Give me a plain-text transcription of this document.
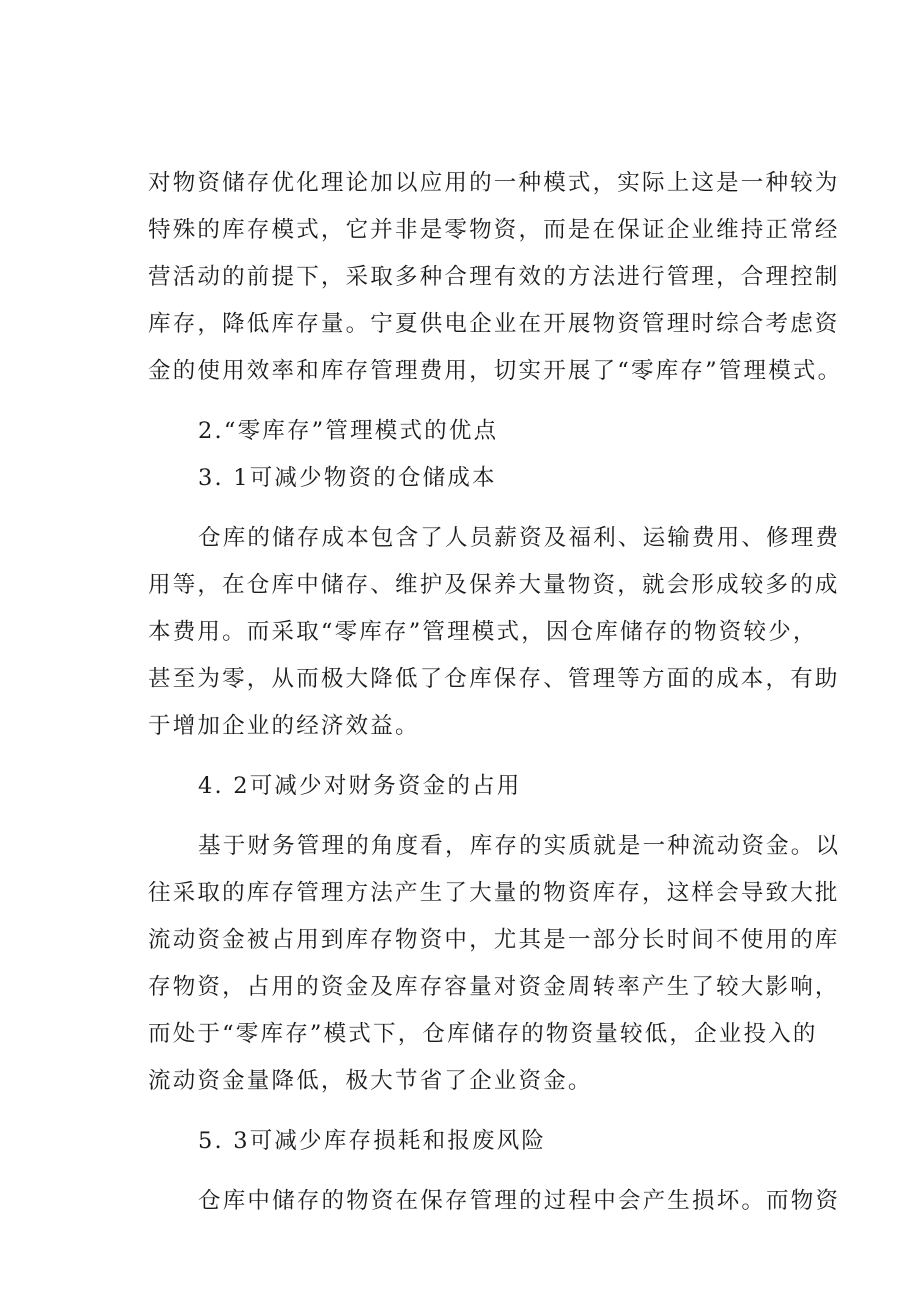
对物资储存优化理论加以应用的一种模式，实际上这是一种较为
特殊的库存模式，它并非是零物资，而是在保证企业维持正常经
营活动的前提下，采取多种合理有效的方法进行管理，合理控制
库存，降低库存量。宁夏供电企业在开展物资管理时综合考虑资
金的使用效率和库存管理费用，切实开展了“零库存”管理模式。
2.“零库存”管理模式的优点
3. 1可减少物资的仓储成本
仓库的储存成本包含了人员薪资及福利、运输费用、修理费
用等，在仓库中储存、维护及保养大量物资，就会形成较多的成
本费用。而采取“零库存”管理模式，因仓库储存的物资较少，
甚至为零，从而极大降低了仓库保存、管理等方面的成本，有助
于增加企业的经济效益。
4. 2可减少对财务资金的占用
基于财务管理的角度看，库存的实质就是一种流动资金。以
往采取的库存管理方法产生了大量的物资库存，这样会导致大批
流动资金被占用到库存物资中，尤其是一部分长时间不使用的库
存物资，占用的资金及库存容量对资金周转率产生了较大影响，
而处于“零库存”模式下，仓库储存的物资量较低，企业投入的
流动资金量降低，极大节省了企业资金。
5. 3可减少库存损耗和报废风险
仓库中储存的物资在保存管理的过程中会产生损坏。而物资
